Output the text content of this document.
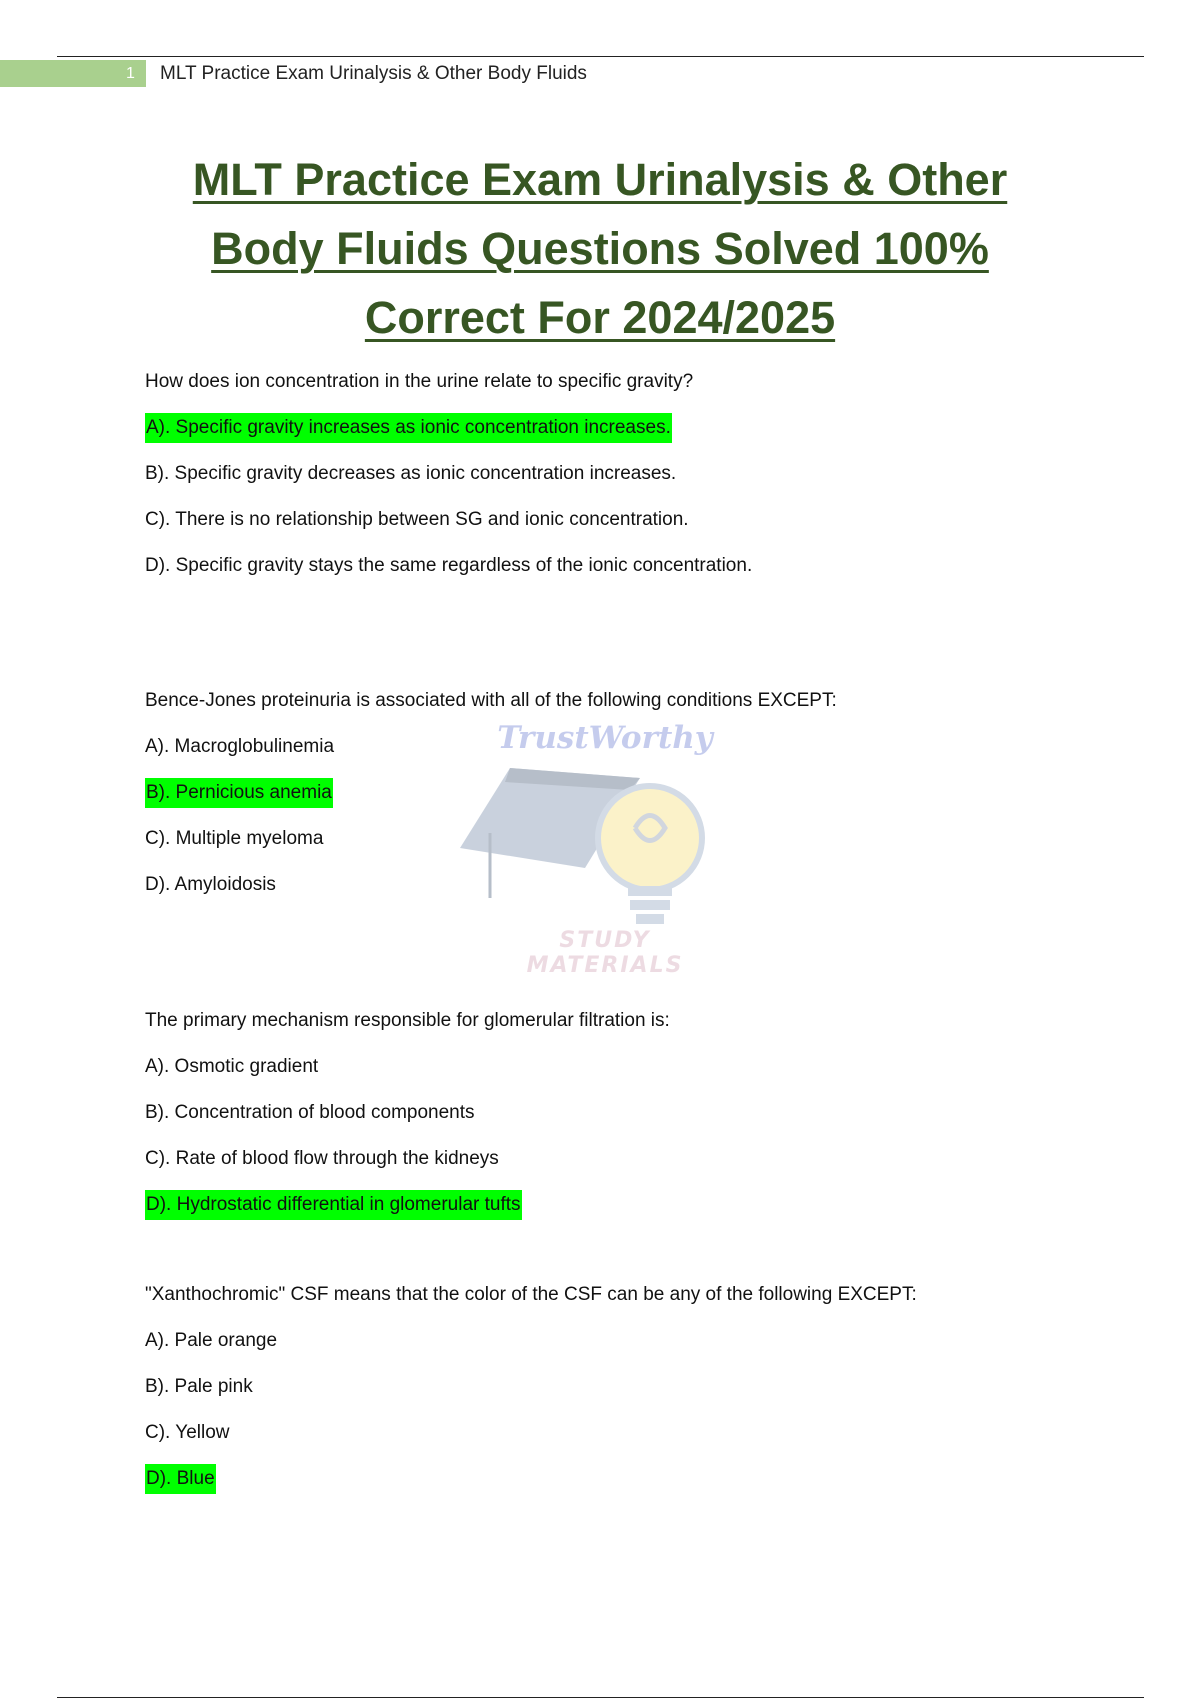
1	MLT Practice Exam Urinalysis & Other Body Fluids
MLT Practice Exam Urinalysis & Other
Body Fluids Questions Solved 100%
Correct For 2024/2025
TrustWorthy
STUDY MATERIALS
How does ion concentration in the urine relate to specific gravity?
A). Specific gravity increases as ionic concentration increases.
B). Specific gravity decreases as ionic concentration increases.
C). There is no relationship between SG and ionic concentration.
D). Specific gravity stays the same regardless of the ionic concentration.
Bence-Jones proteinuria is associated with all of the following conditions EXCEPT:
A). Macroglobulinemia
B). Pernicious anemia
C). Multiple myeloma
D). Amyloidosis
The primary mechanism responsible for glomerular filtration is:
A). Osmotic gradient
B). Concentration of blood components
C). Rate of blood flow through the kidneys
D). Hydrostatic differential in glomerular tufts
"Xanthochromic" CSF means that the color of the CSF can be any of the following EXCEPT:
A). Pale orange
B). Pale pink
C). Yellow
D). Blue
